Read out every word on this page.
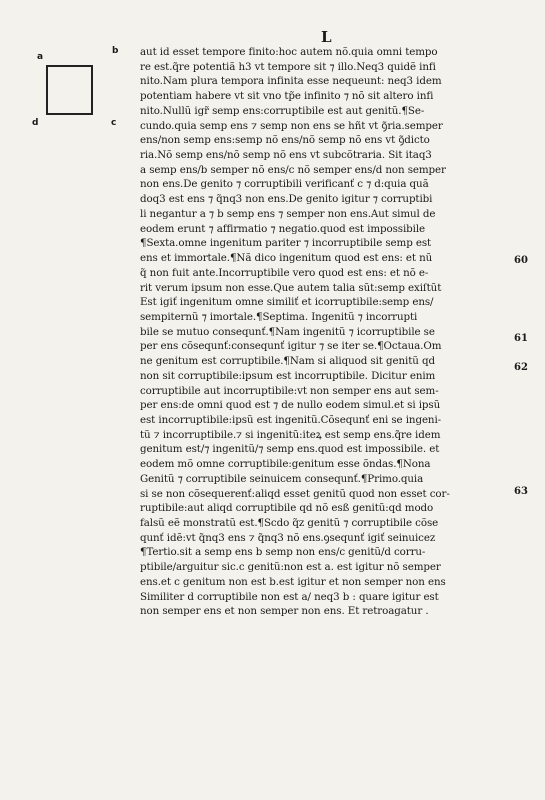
L
a
b
d	c
aut id esset tempore finito:hoc autem nõ.quia omni tempo
re est.q̃re potentiã h3 vt tempore sit ⁊ illo.Neq3 quidẽ infi
nito.Nam plura tempora infinita esse nequeunt: neq3 idem
potentiam habere vt sit vno tp̃e infinito ⁊ nõ sit altero infi
nito.Nullũ igr̃ semp ens:corruptibile est aut genitũ.¶Se-
cundo.quia semp ens ⁊ semp non ens se hñt vt ꝯ̃ria.semper
ens/non semp ens:semp nõ ens/nõ semp nõ ens vt ꝯ̃dicto
ria.Nõ semp ens/nõ semp nõ ens vt subcõtraria. Sit itaq3
a semp ens/b semper nõ ens/c nõ semper ens/d non semper
non ens.De genito ⁊ corruptibili verificanť c ⁊ d:quia quã
doq3 est ens ⁊ q̃nq3 non ens.De genito igitur ⁊ corruptibi
li negantur a ⁊ b semp ens ⁊ semper non ens.Aut simul de
eodem erunt ⁊ affirmatio ⁊ negatio.quod est impossibile
¶Sexta.omne ingenitum pariter ⁊ incorruptibile semp est
ens et immortale.¶Nã dico ingenitum quod est ens: et nũ
q̃ non fuit ante.Incorruptibile vero quod est ens: et nõ e-
rit verum ipsum non esse.Que autem talia sũt:semp exiſtũt
Est igiť ingenitum omne similiť et icorruptibile:semp ens/
sempiternũ ⁊ imortale.¶Septima. Ingenitũ ⁊ incorrupti
bile se mutuo consequnť.¶Nam ingenitũ ⁊ icorruptibile se
per ens cõsequnť:consequnť igitur ⁊ se iter se.¶Octaua.Om
ne genitum est corruptibile.¶Nam si aliquod sit genitũ qd
non sit corruptibile:ipsum est incorruptibile. Dicitur enim
corruptibile aut incorruptibile:vt non semper ens aut sem-
per ens:de omni quod est ⁊ de nullo eodem simul.et si ipsũ
est incorruptibile:ipsũ est ingenitũ.Cõsequnť eni se ingeni-
tũ ⁊ incorruptibile.⁊ si ingenitũ:iteꝝ est semp ens.q̃re idem
genitum est/⁊ ingenitũ/⁊ semp ens.quod est impossibile. et
eodem mõ omne corruptibile:genitum esse õndas.¶Nona
Genitũ ⁊ corruptibile seinuicem consequnť.¶Primo.quia
si se non cõsequerenť:aliqd esset genitũ quod non esset cor-
ruptibile:aut aliqd corruptibile qd nõ esß genitũ:qd modo
falsũ eẽ monstratũ est.¶Scdo q̃z genitũ ⁊ corruptibile cõse
qunť idẽ:vt q̃nq3 ens ⁊ q̃nq3 nõ ens.ꝯsequnť igiť seinuicez
¶Tertio.sit a semp ens b semp non ens/c genitũ/d corru-
ptibile/arguitur sic.c genitũ:non est a. est igitur nõ semper
ens.et c genitum non est b.est igitur et non semper non ens
Similiter d corruptibile non est a/ neq3 b : quare igitur est
non semper ens et non semper non ens. Et retroagatur .
60
61
62
63
